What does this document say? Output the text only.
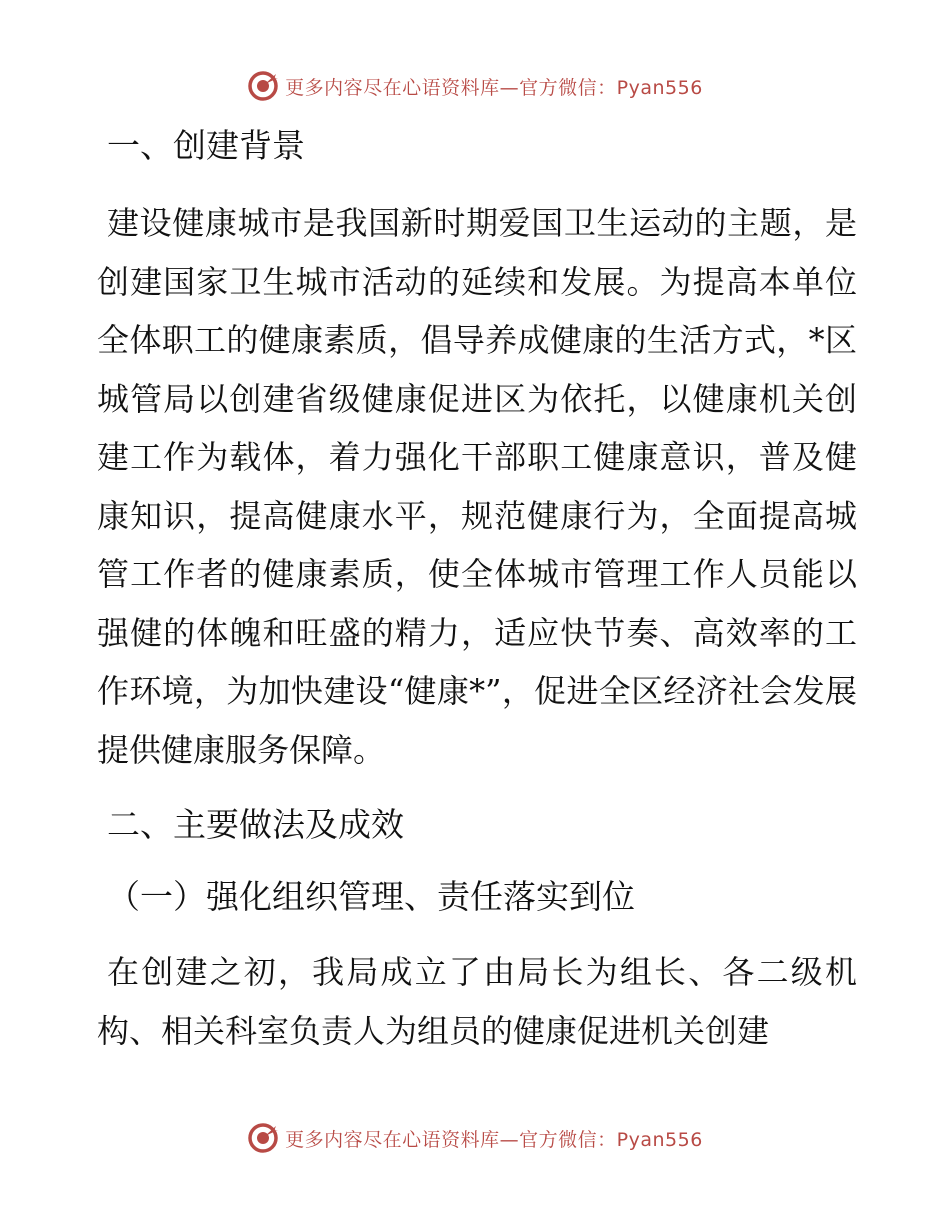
更多内容尽在心语资料库—官方微信：Pyan556
一、创建背景

建设健康城市是我国新时期爱国卫生运动的主题，是创建国家卫生城市活动的延续和发展。为提高本单位全体职工的健康素质，倡导养成健康的生活方式，*区城管局以创建省级健康促进区为依托，以健康机关创建工作为载体，着力强化干部职工健康意识，普及健康知识，提高健康水平，规范健康行为，全面提高城管工作者的健康素质，使全体城市管理工作人员能以强健的体魄和旺盛的精力，适应快节奏、高效率的工作环境，为加快建设“健康*”，促进全区经济社会发展提供健康服务保障。

二、主要做法及成效
（一）强化组织管理、责任落实到位

在创建之初，我局成立了由局长为组长、各二级机构、相关科室负责人为组员的健康促进机关创建

更多内容尽在心语资料库—官方微信：Pyan556
